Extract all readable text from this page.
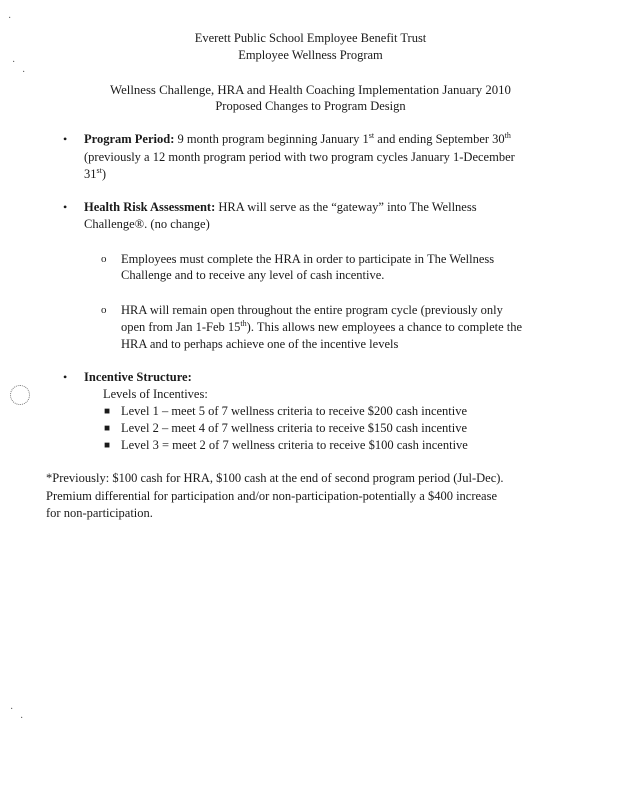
·
·
·
·
·
Everett Public School Employee Benefit Trust
Employee Wellness Program
Wellness Challenge, HRA and Health Coaching Implementation January 2010
Proposed Changes to Program Design
• Program Period: 9 month program beginning January 1st and ending September 30th
(previously a 12 month program period with two program cycles January 1-December
31st)
• Health Risk Assessment: HRA will serve as the “gateway” into The Wellness
Challenge®. (no change)
o Employees must complete the HRA in order to participate in The Wellness
Challenge and to receive any level of cash incentive.
o HRA will remain open throughout the entire program cycle (previously only
open from Jan 1-Feb 15th). This allows new employees a chance to complete the
HRA and to perhaps achieve one of the incentive levels
• Incentive Structure:
Levels of Incentives:
■ Level 1 – meet 5 of 7 wellness criteria to receive $200 cash incentive
■ Level 2 – meet 4 of 7 wellness criteria to receive $150 cash incentive
■ Level 3 = meet 2 of 7 wellness criteria to receive $100 cash incentive
*Previously: $100 cash for HRA, $100 cash at the end of second program period (Jul-Dec).
Premium differential for participation and/or non-participation-potentially a $400 increase
for non-participation.
